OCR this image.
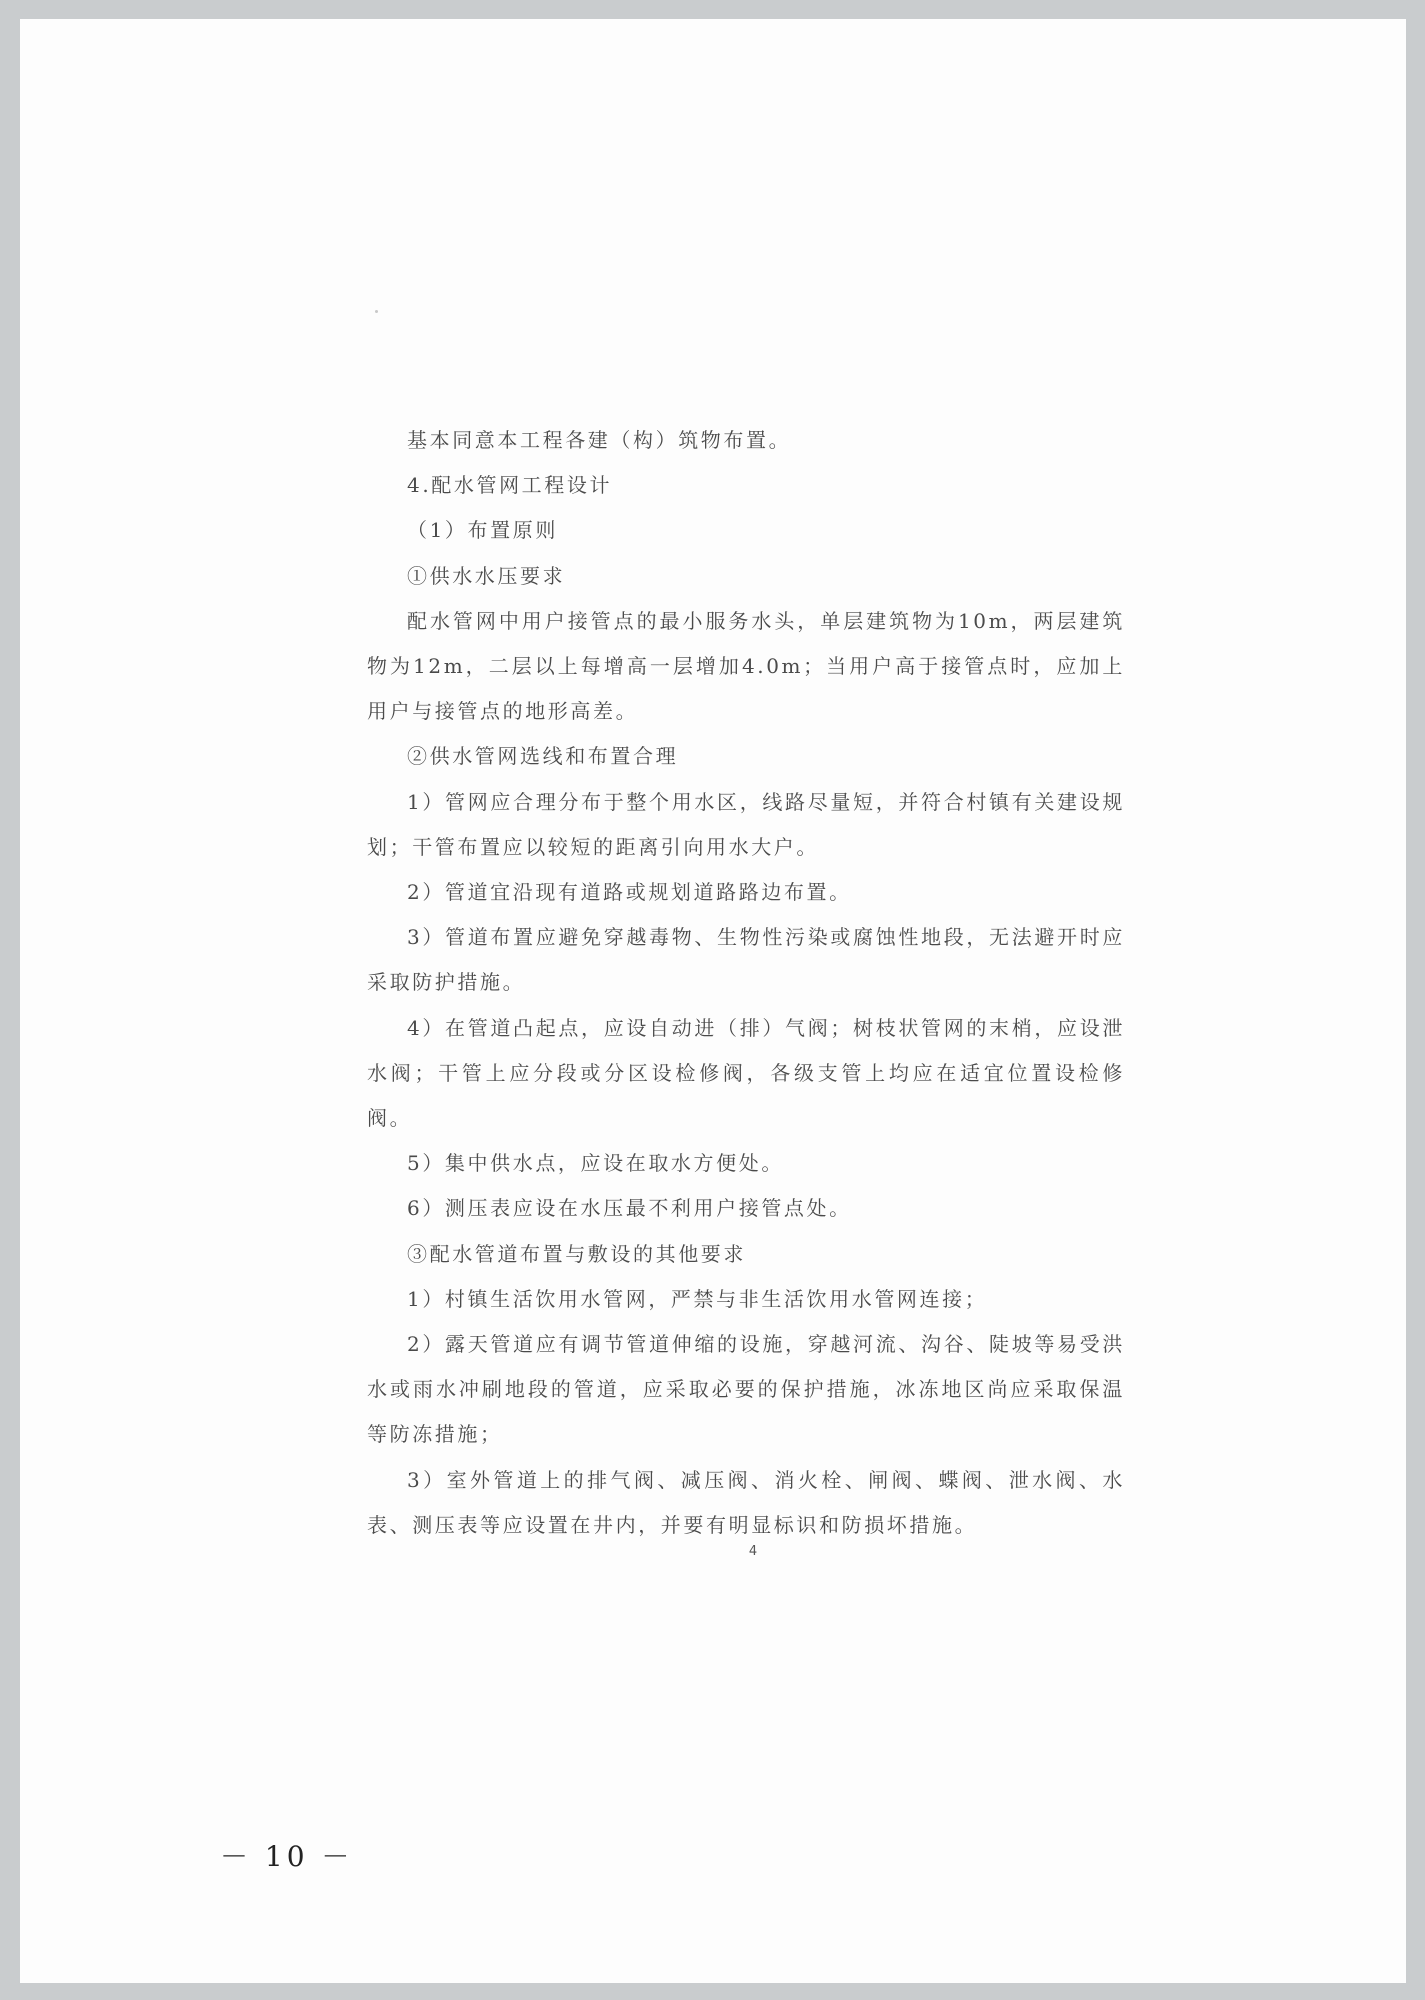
基本同意本工程各建（构）筑物布置。

4.配水管网工程设计

（1）布置原则

①供水水压要求

配水管网中用户接管点的最小服务水头，单层建筑物为10m，两层建筑物为12m，二层以上每增高一层增加4.0m；当用户高于接管点时，应加上用户与接管点的地形高差。

②供水管网选线和布置合理

1）管网应合理分布于整个用水区，线路尽量短，并符合村镇有关建设规划；干管布置应以较短的距离引向用水大户。

2）管道宜沿现有道路或规划道路路边布置。

3）管道布置应避免穿越毒物、生物性污染或腐蚀性地段，无法避开时应采取防护措施。

4）在管道凸起点，应设自动进（排）气阀；树枝状管网的末梢，应设泄水阀；干管上应分段或分区设检修阀，各级支管上均应在适宜位置设检修阀。

5）集中供水点，应设在取水方便处。

6）测压表应设在水压最不利用户接管点处。

③配水管道布置与敷设的其他要求

1）村镇生活饮用水管网，严禁与非生活饮用水管网连接；

2）露天管道应有调节管道伸缩的设施，穿越河流、沟谷、陡坡等易受洪水或雨水冲刷地段的管道，应采取必要的保护措施，冰冻地区尚应采取保温等防冻措施；

3）室外管道上的排气阀、减压阀、消火栓、闸阀、蝶阀、泄水阀、水表、测压表等应设置在井内，并要有明显标识和防损坏措施。

4
－ 10 －
